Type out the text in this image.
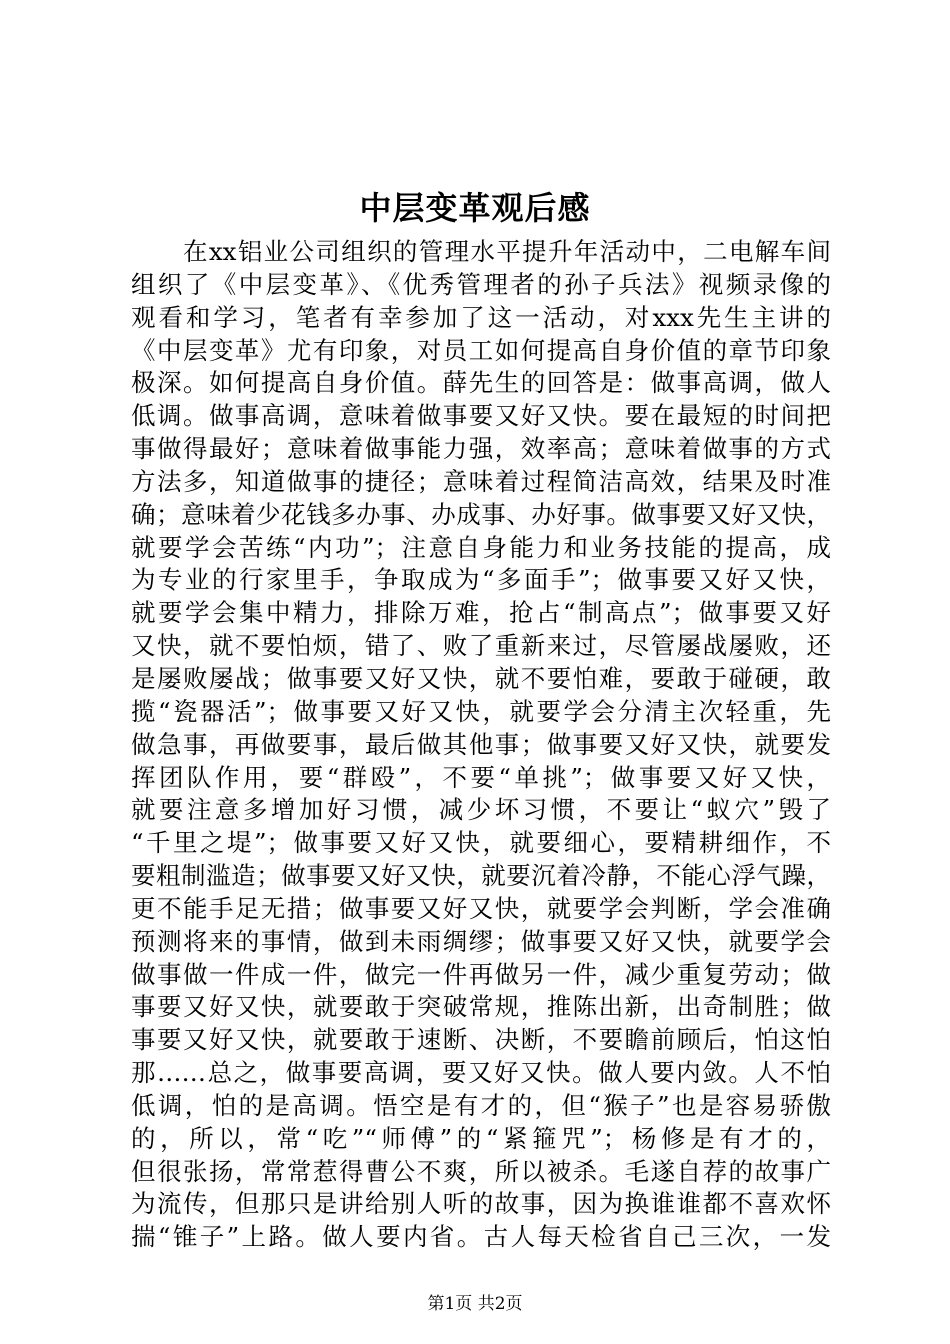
中层变革观后感
在xx铝业公司组织的管理水平提升年活动中，二电解车间
组织了《中层变革》、《优秀管理者的孙子兵法》视频录像的
观看和学习，笔者有幸参加了这一活动，对xxx先生主讲的
《中层变革》尤有印象，对员工如何提高自身价值的章节印象
极深。如何提高自身价值。薛先生的回答是：做事高调，做人
低调。做事高调，意味着做事要又好又快。要在最短的时间把
事做得最好；意味着做事能力强，效率高；意味着做事的方式
方法多，知道做事的捷径；意味着过程简洁高效，结果及时准
确；意味着少花钱多办事、办成事、办好事。做事要又好又快，
就要学会苦练“内功”；注意自身能力和业务技能的提高，成
为专业的行家里手，争取成为“多面手”；做事要又好又快，
就要学会集中精力，排除万难，抢占“制高点”；做事要又好
又快，就不要怕烦，错了、败了重新来过，尽管屡战屡败，还
是屡败屡战；做事要又好又快，就不要怕难，要敢于碰硬，敢
揽“瓷器活”；做事要又好又快，就要学会分清主次轻重，先
做急事，再做要事，最后做其他事；做事要又好又快，就要发
挥团队作用，要“群殴”，不要“单挑”；做事要又好又快，
就要注意多增加好习惯，减少坏习惯，不要让“蚁穴”毁了
“千里之堤”；做事要又好又快，就要细心，要精耕细作，不
要粗制滥造；做事要又好又快，就要沉着冷静，不能心浮气躁，
更不能手足无措；做事要又好又快，就要学会判断，学会准确
预测将来的事情，做到未雨绸缪；做事要又好又快，就要学会
做事做一件成一件，做完一件再做另一件，减少重复劳动；做
事要又好又快，就要敢于突破常规，推陈出新，出奇制胜；做
事要又好又快，就要敢于速断、决断，不要瞻前顾后，怕这怕
那……总之，做事要高调，要又好又快。做人要内敛。人不怕
低调，怕的是高调。悟空是有才的，但“猴子”也是容易骄傲
的，所以，常“吃”“师傅”的“紧箍咒”；杨修是有才的，
但很张扬，常常惹得曹公不爽，所以被杀。毛遂自荐的故事广
为流传，但那只是讲给别人听的故事，因为换谁谁都不喜欢怀
揣“锥子”上路。做人要内省。古人每天检省自己三次，一发
第1页 共2页
